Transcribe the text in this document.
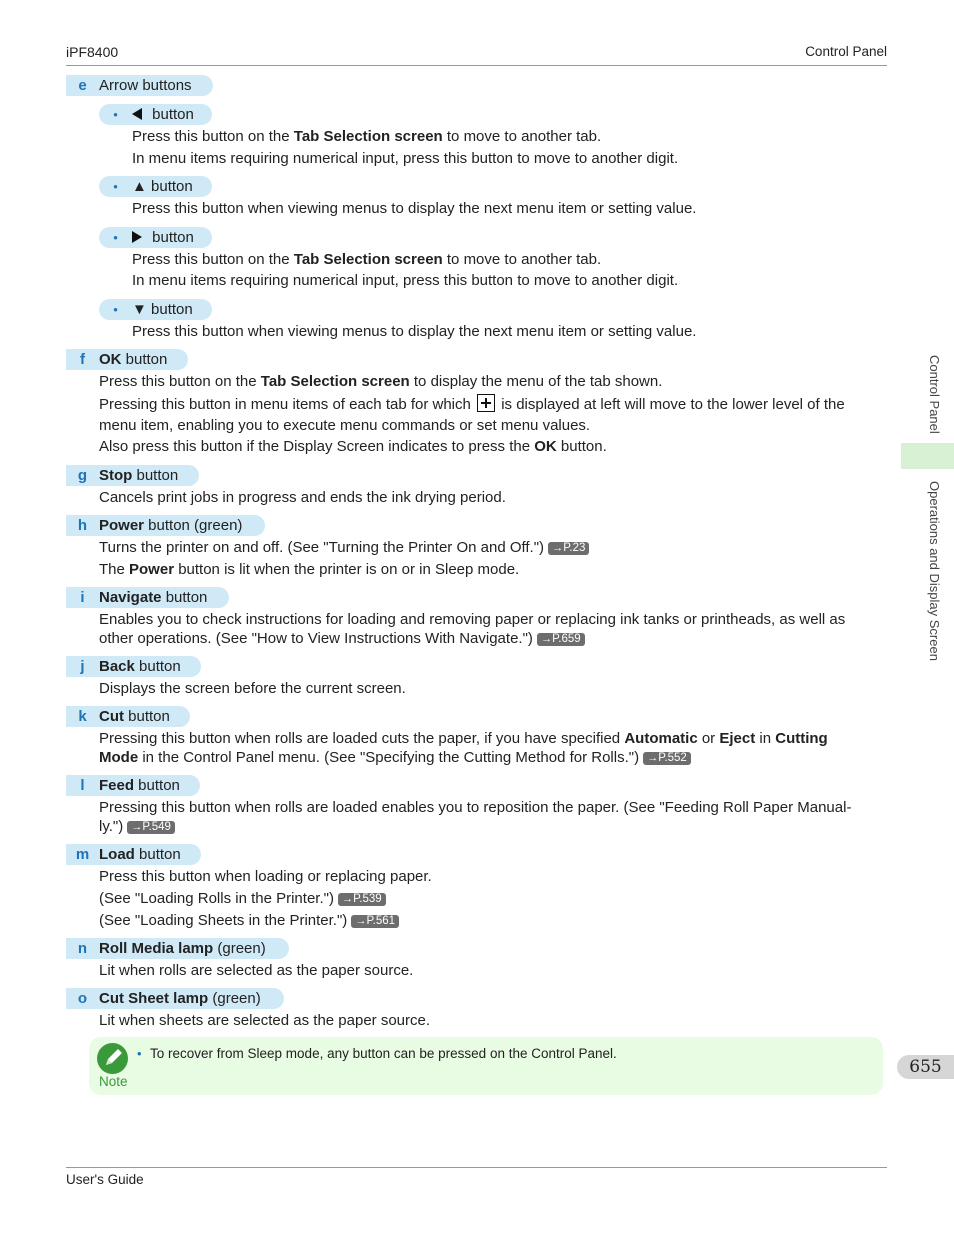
iPF8400	Control Panel
e Arrow buttons
• button
Press this button on the Tab Selection screen to move to another tab.
In menu items requiring numerical input, press this button to move to another digit.
• ▲ button
Press this button when viewing menus to display the next menu item or setting value.
• button
Press this button on the Tab Selection screen to move to another tab.
In menu items requiring numerical input, press this button to move to another digit.
• ▼ button
Press this button when viewing menus to display the next menu item or setting value.
f OK button
Press this button on the Tab Selection screen to display the menu of the tab shown.
Pressing this button in menu items of each tab for which  is displayed at left will move to the lower level of the
menu item, enabling you to execute menu commands or set menu values.
Also press this button if the Display Screen indicates to press the OK button.
g Stop button
Cancels print jobs in progress and ends the ink drying period.
h Power button (green)
Turns the printer on and off. (See "Turning the Printer On and Off.") →P.23
The Power button is lit when the printer is on or in Sleep mode.
i Navigate button
Enables you to check instructions for loading and removing paper or replacing ink tanks or printheads, as well as
other operations. (See "How to View Instructions With Navigate.") →P.659
j Back button
Displays the screen before the current screen.
k Cut button
Pressing this button when rolls are loaded cuts the paper, if you have specified Automatic or Eject in Cutting
Mode in the Control Panel menu. (See "Specifying the Cutting Method for Rolls.") →P.552
l Feed button
Pressing this button when rolls are loaded enables you to reposition the paper. (See "Feeding Roll Paper Manual-
ly.") →P.549
m Load button
Press this button when loading or replacing paper.
(See "Loading Rolls in the Printer.") →P.539
(See "Loading Sheets in the Printer.") →P.561
n Roll Media lamp (green)
Lit when rolls are selected as the paper source.
o Cut Sheet lamp (green)
Lit when sheets are selected as the paper source.
Note
• To recover from Sleep mode, any button can be pressed on the Control Panel.
Control Panel
Operations and Display Screen
655
User's Guide
